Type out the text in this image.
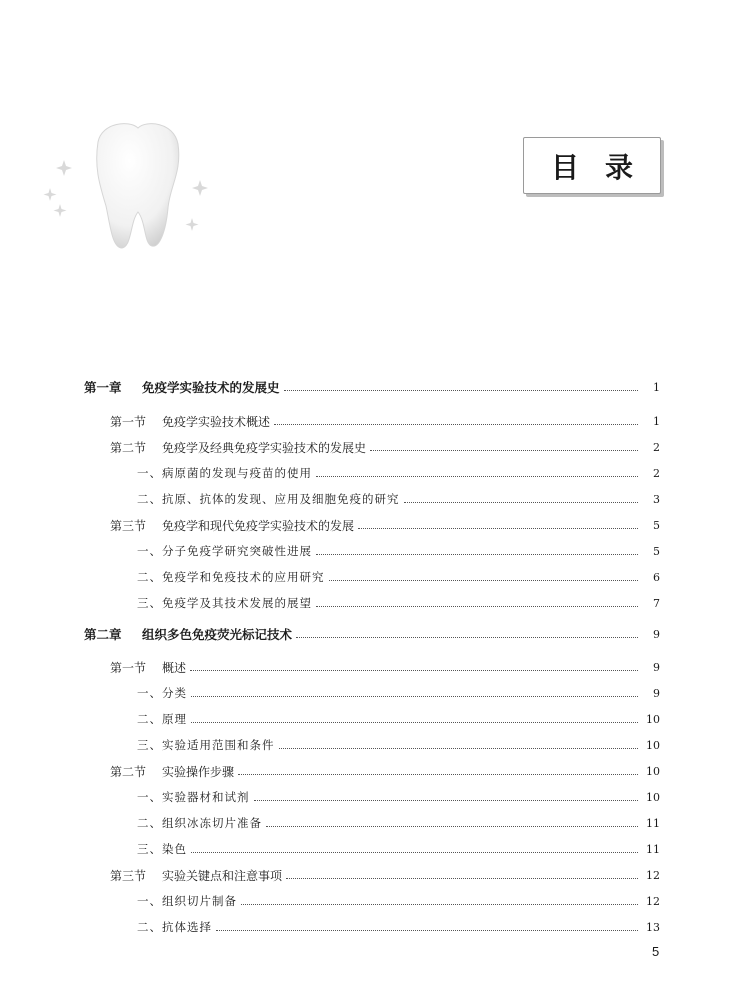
目录
第一章	免疫学实验技术的发展史	1
第一节	免疫学实验技术概述	1
第二节	免疫学及经典免疫学实验技术的发展史	2
一、病原菌的发现与疫苗的使用	2
二、抗原、抗体的发现、应用及细胞免疫的研究	3
第三节	免疫学和现代免疫学实验技术的发展	5
一、分子免疫学研究突破性进展	5
二、免疫学和免疫技术的应用研究	6
三、免疫学及其技术发展的展望	7
第二章	组织多色免疫荧光标记技术	9
第一节	概述	9
一、分类	9
二、原理	10
三、实验适用范围和条件	10
第二节	实验操作步骤	10
一、实验器材和试剂	10
二、组织冰冻切片准备	11
三、染色	11
第三节	实验关键点和注意事项	12
一、组织切片制备	12
二、抗体选择	13
5
